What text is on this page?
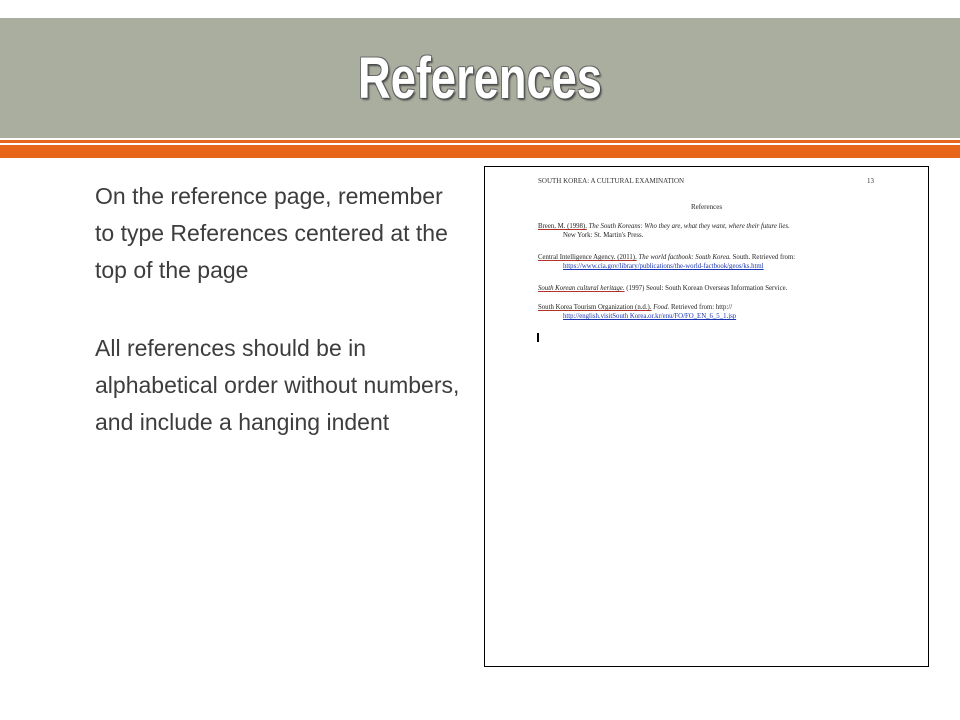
References
On the reference page, remember to type References centered at the top of the page
All references should be in alphabetical order without numbers, and include a hanging indent
SOUTH KOREA: A CULTURAL EXAMINATION	13
References
Breen, M. (1998). The South Koreans: Who they are, what they want, where their future lies.
New York: St. Martin's Press.
Central Intelligence Agency. (2011). The world factbook: South Korea. South. Retrieved from:
https://www.cia.gov/library/publications/the-world-factbook/geos/ks.html
South Korean cultural heritage. (1997) Seoul: South Korean Overseas Information Service.
South Korea Tourism Organization (n.d.). Food. Retrieved from: http://
http://english.visitSouth Korea.or.kr/enu/FO/FO_EN_6_5_1.jsp
